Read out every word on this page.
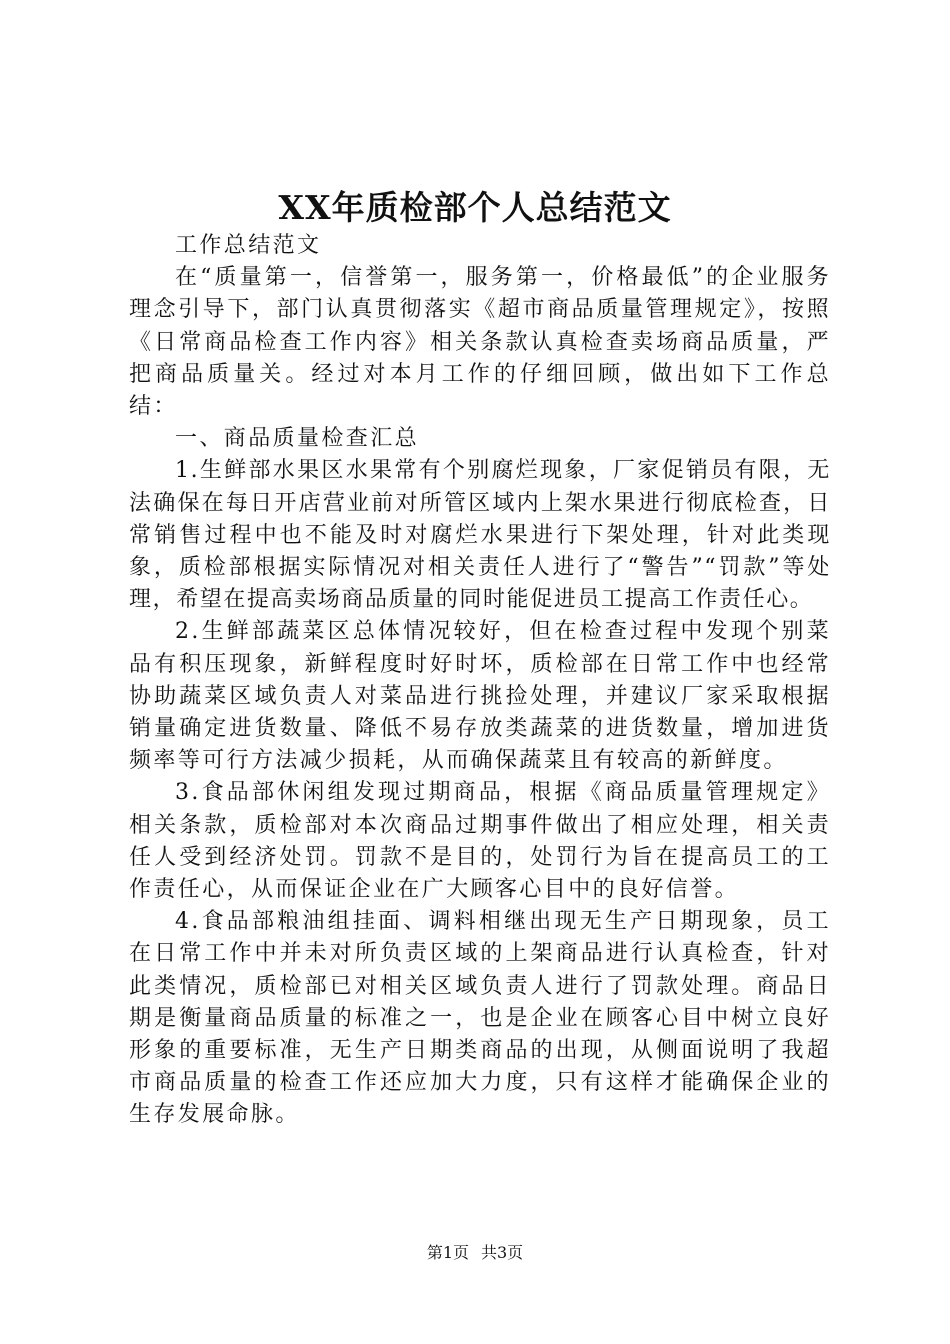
XX年质检部个人总结范文

工作总结范文

在“质量第一，信誉第一，服务第一，价格最低”的企业服务理念引导下，部门认真贯彻落实《超市商品质量管理规定》，按照《日常商品检查工作内容》相关条款认真检查卖场商品质量，严把商品质量关。经过对本月工作的仔细回顾，做出如下工作总结：

一、商品质量检查汇总

1.生鲜部水果区水果常有个别腐烂现象，厂家促销员有限，无法确保在每日开店营业前对所管区域内上架水果进行彻底检查，日常销售过程中也不能及时对腐烂水果进行下架处理，针对此类现象，质检部根据实际情况对相关责任人进行了“警告”“罚款”等处理，希望在提高卖场商品质量的同时能促进员工提高工作责任心。

2.生鲜部蔬菜区总体情况较好，但在检查过程中发现个别菜品有积压现象，新鲜程度时好时坏，质检部在日常工作中也经常协助蔬菜区域负责人对菜品进行挑捡处理，并建议厂家采取根据销量确定进货数量、降低不易存放类蔬菜的进货数量，增加进货频率等可行方法减少损耗，从而确保蔬菜且有较高的新鲜度。

3.食品部休闲组发现过期商品，根据《商品质量管理规定》相关条款，质检部对本次商品过期事件做出了相应处理，相关责任人受到经济处罚。罚款不是目的，处罚行为旨在提高员工的工作责任心，从而保证企业在广大顾客心目中的良好信誉。

4.食品部粮油组挂面、调料相继出现无生产日期现象，员工在日常工作中并未对所负责区域的上架商品进行认真检查，针对此类情况，质检部已对相关区域负责人进行了罚款处理。商品日期是衡量商品质量的标准之一，也是企业在顾客心目中树立良好形象的重要标准，无生产日期类商品的出现，从侧面说明了我超市商品质量的检查工作还应加大力度，只有这样才能确保企业的生存发展命脉。

第1页 共3页
